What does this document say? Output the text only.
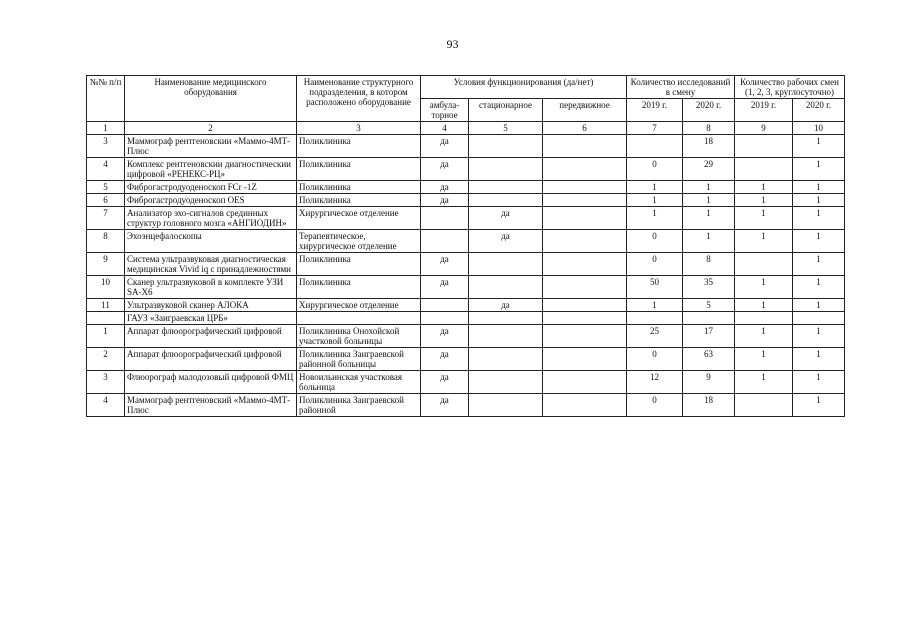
93
№№ п/п	Наименование медицинского оборудования	Наименование структурного подразделения, в котором расположено оборудование	Условия функционирования (да/нет)			Количество исследований в смену		Количество рабочих смен (1, 2, 3, круглосуточно)	
			амбула-торное	стационарное	передвижное	2019 г.	2020 г.	2019 г.	2020 г.
1	2	3	4	5	6	7	8	9	10
3	Маммограф рентгеновскии «Маммо-4МТ-Плюс	Поликлиника	да				18		1
4	Комплекс рентгеновскии диагностическии цифровой «РЕНЕКС-РЦ»	Поликлиника	да			0	29		1
5	Фиброгастродуоденоскоп FCr -1Z	Поликлиника	да			1	1	1	1
6	Фиброгастродуоденоскоп OES	Поликлиника	да			1	1	1	1
7	Анализатор эхо-сигналов срединных структур головного мозга «АНГИОДИН»	Хирургическое отделение		да		1	1	1	1
8	Эхоэнцефалоскопы	Терапевтическое, хирургическое отделение		да		0	1	1	1
9	Система ультразвуковая диагностическая медицинская Vivid iq с принадлежностями	Поликлиника	да			0	8		1
10	Сканер ультразвуковой в комплекте УЗИ SA-X6	Поликлиника	да			50	35	1	1
11	Ультразвуковой сканер АЛОКА	Хирургическое отделение		да		1	5	1	1
	ГАУЗ «Заиграевская ЦРБ»								
1	Аппарат флюорографический цифровой	Поликлиника Онохойской участковой больницы	да			25	17	1	1
2	Аппарат флюорографический цифровой	Поликлиника Заиграевской районной больницы	да			0	63	1	1
3	Флюорограф малодозовый цифровой ФМЦ	Новоильинская участковая больница	да			12	9	1	1
4	Маммограф рентгеновский «Маммо-4МТ-Плюс	Поликлиника Заиграевской районной	да			0	18		1
